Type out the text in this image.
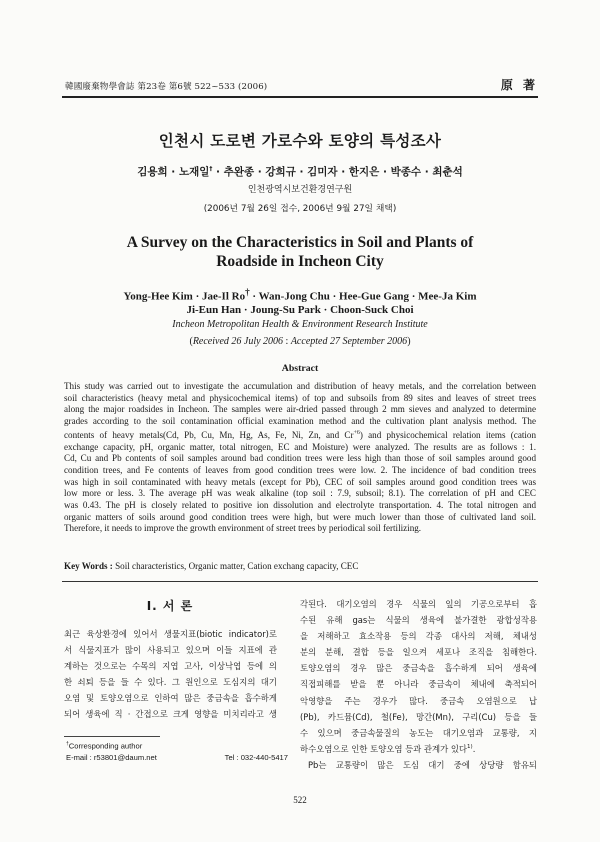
韓國廢棄物學會誌 第23卷 第6號 522~533 (2006)	原 著
인천시 도로변 가로수와 토양의 특성조사
김용희 · 노재일† · 추완종 · 강희규 · 김미자 · 한지은 · 박종수 · 최춘석
인천광역시보건환경연구원
(2006년 7월 26일 접수, 2006년 9월 27일 채택)
A Survey on the Characteristics in Soil and Plants of
Roadside in Incheon City
Yong-Hee Kim · Jae-Il Ro† · Wan-Jong Chu · Hee-Gue Gang · Mee-Ja Kim
Ji-Eun Han · Joung-Su Park · Choon-Suck Choi
Incheon Metropolitan Health & Environment Research Institute
(Received 26 July 2006 : Accepted 27 September 2006)
Abstract
This study was carried out to investigate the accumulation and distribution of heavy metals, and the correlation between
soil characteristics (heavy metal and physicochemical items) of top and subsoils from 89 sites and leaves of street trees
along the major roadsides in Incheon. The samples were air-dried passed through 2 mm sieves and analyzed to determine
grades according to the soil contamination official examination method and the cultivation plant analysis method. The
contents of heavy metals(Cd, Pb, Cu, Mn, Hg, As, Fe, Ni, Zn, and $Cr^{+6}$) and physicochemical relation items (cation
exchange capacity, pH, organic matter, total nitrogen, EC and Moisture) were analyzed. The results are as follows : 1.
Cd, Cu and Pb contents of soil samples around bad condition trees were less high than those of soil samples around good
condition trees, and Fe contents of leaves from good condition trees were low. 2. The incidence of bad condition trees
was high in soil contaminated with heavy metals (except for Pb), CEC of soil samples around good condition trees was
low more or less. 3. The average pH was weak alkaline (top soil : 7.9, subsoil; 8.1). The correlation of pH and CEC
was 0.43. The pH is closely related to positive ion dissolution and electrolyte transportation. 4. The total nitrogen and
organic matters of soils around good condition trees were high, but were much lower than those of cultivated land soil.
Therefore, it needs to improve the growth environment of street trees by periodical soil fertilizing.
Key Words : Soil characteristics, Organic matter, Cation exchang capacity, CEC
I. 서 론
최근 육상환경에 있어서 생물지표(biotic indicator)로
서 식물지표가 많이 사용되고 있으며 이들 지표에 관
계하는 것으로는 수목의 지엽 고사, 이상낙엽 등에 의
한 쇠퇴 등을 들 수 있다. 그 원인으로 도심지의 대기
오염 및 토양오염으로 인하여 많은 중금속을 흡수하게
되어 생육에 직 · 간접으로 크게 영향을 미치리라고 생
각된다. 대기오염의 경우 식물의 잎의 기공으로부터 흡
수된 유해 gas는 식물의 생육에 불가결한 광합성작용
을 저해하고 효소작용 등의 각종 대사의 저해, 체내성
분의 분해, 결합 등을 일으켜 세포나 조직을 침해한다.
토양오염의 경우 많은 중금속을 흡수하게 되어 생육에
직접피해를 받을 뿐 아니라 중금속이 체내에 축적되어
악영향을 주는 경우가 많다. 중금속 오염원으로 납
(Pb), 카드뮴(Cd), 철(Fe), 망간(Mn), 구리(Cu) 등을 들
수 있으며 중금속물질의 농도는 대기오염과 교통량, 지
하수오염으로 인한 토양오염 등과 관계가 있다$^{1)}$.
Pb는 교통량이 많은 도심 대기 중에 상당량 함유되
†Corresponding author
E-mail : r53801@daum.net	Tel : 032-440-5417
522
